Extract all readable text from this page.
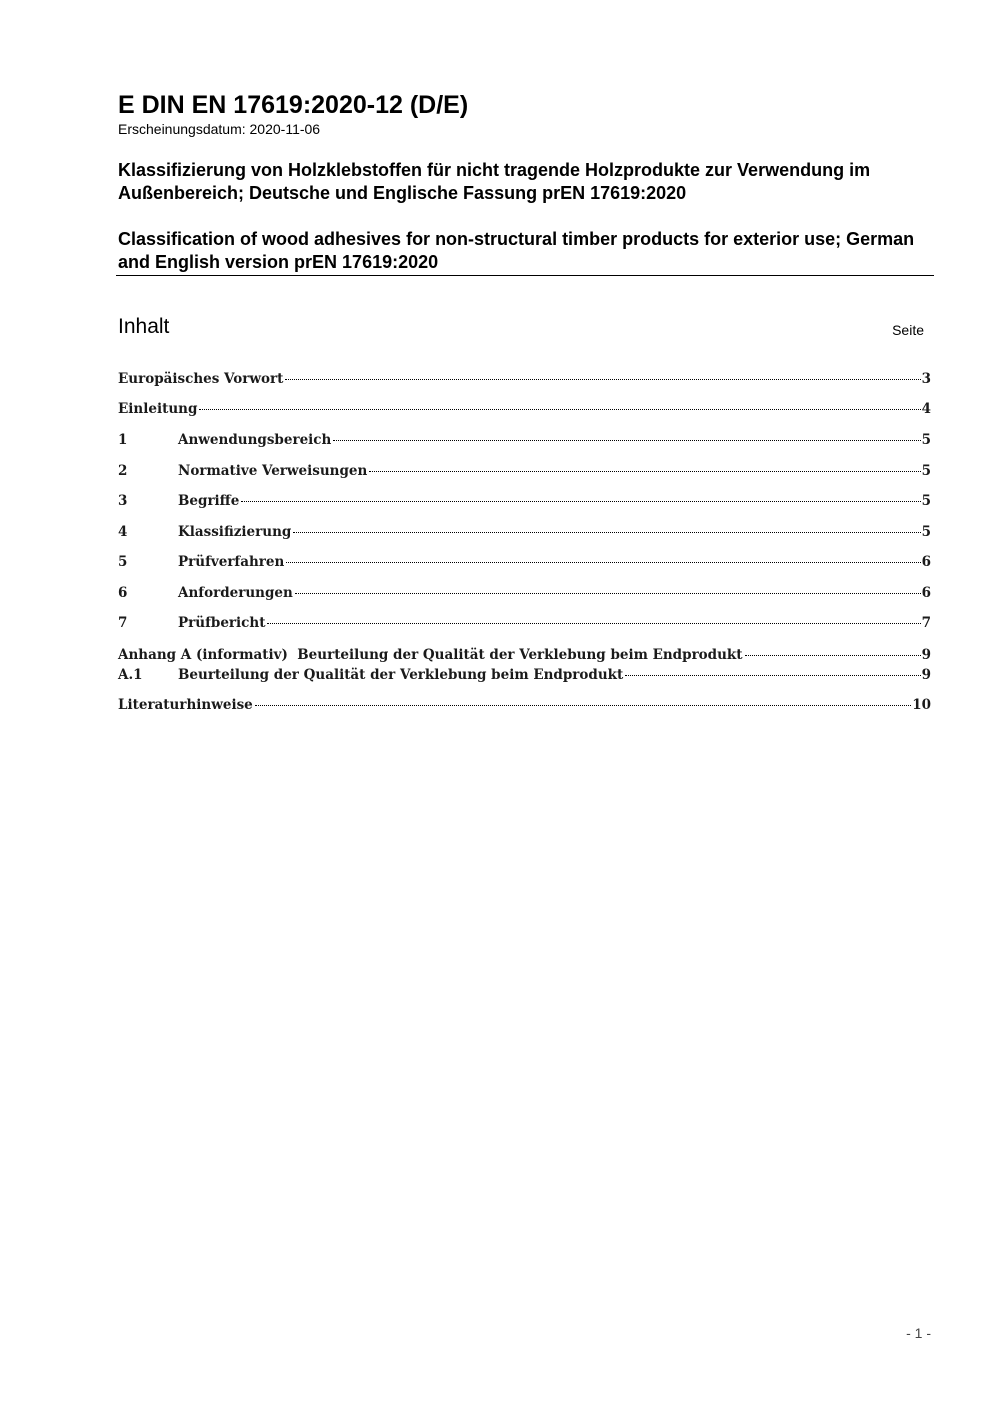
E DIN EN 17619:2020-12 (D/E)
Erscheinungsdatum: 2020-11-06
Klassifizierung von Holzklebstoffen für nicht tragende Holzprodukte zur Verwendung im Außenbereich; Deutsche und Englische Fassung prEN 17619:2020
Classification of wood adhesives for non-structural timber products for exterior use; German and English version prEN 17619:2020
Inhalt	Seite
Europäisches Vorwort	3
Einleitung	4
1	Anwendungsbereich	5
2	Normative Verweisungen	5
3	Begriffe	5
4	Klassifizierung	5
5	Prüfverfahren	6
6	Anforderungen	6
7	Prüfbericht	7
Anhang A (informativ)  Beurteilung der Qualität der Verklebung beim Endprodukt	9
A.1	Beurteilung der Qualität der Verklebung beim Endprodukt	9
Literaturhinweise	10
- 1 -
